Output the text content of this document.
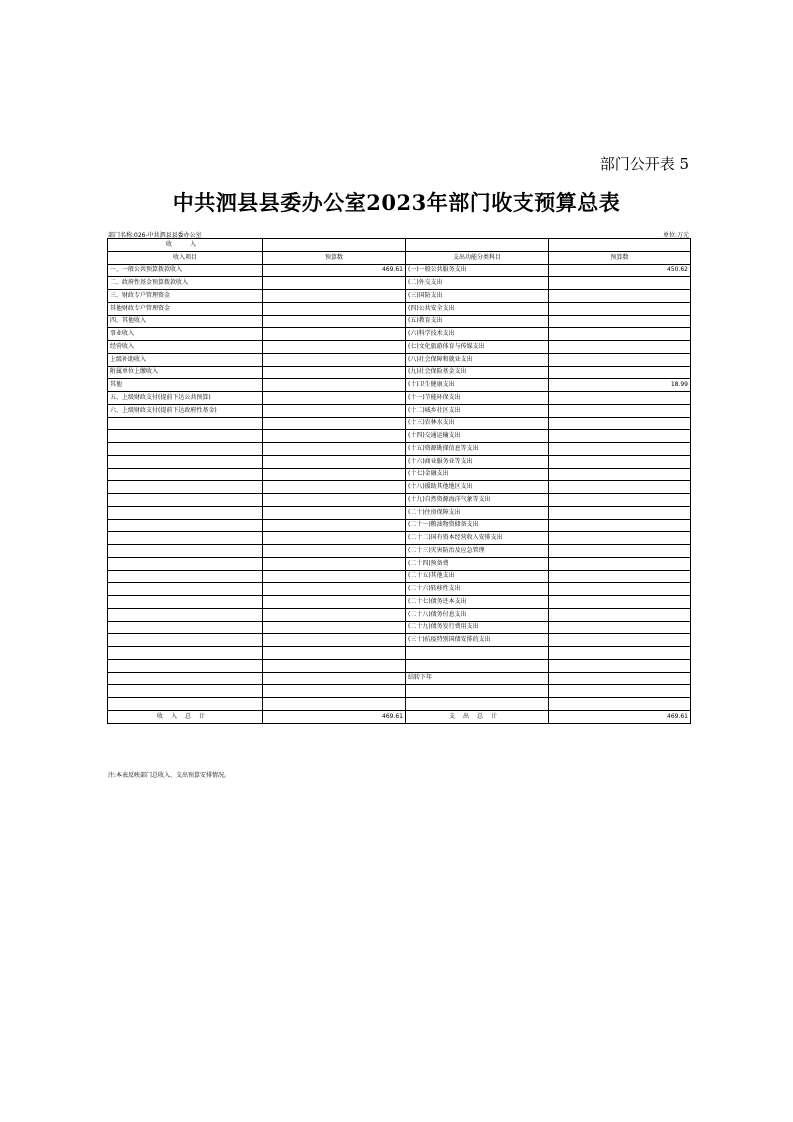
部门公开表 5
中共泗县县委办公室2023年部门收支预算总表
部门名称:026-中共泗县县委办公室	单位:万元
收 入			
收入项目	预算数	支出功能分类科目	预算数
一、一般公共预算拨款收入	469.61	(一)一般公共服务支出	450.62
二、政府性基金预算拨款收入		(二)外交支出	
三、财政专户管理资金		(三)国防支出	
其他财政专户管理资金		(四)公共安全支出	
四、其他收入		(五)教育支出	
事业收入		(六)科学技术支出	
经营收入		(七)文化旅游体育与传媒支出	
上级补助收入		(八)社会保障和就业支出	
附属单位上缴收入		(九)社会保险基金支出	
其他		(十)卫生健康支出	18.99
五、上级财政支付(提前下达公共预算)		(十一)节能环保支出	
六、上级财政支付(提前下达政府性基金)		(十二)城乡社区支出	
		(十三)农林水支出	
		(十四)交通运输支出	
		(十五)资源勘探信息等支出	
		(十六)商业服务业等支出	
		(十七)金融支出	
		(十八)援助其他地区支出	
		(十九)自然资源海洋气象等支出	
		(二十)住房保障支出	
		(二十一)粮油物资储备支出	
		(二十二)国有资本经营收入安排支出	
		(二十三)灾害防治及应急管理	
		(二十四)预备费	
		(二十五)其他支出	
		(二十六)转移性支出	
		(二十七)债务还本支出	
		(二十八)债务付息支出	
		(二十九)债务发行费用支出	
		(三十)抗疫特别国债安排的支出	

		结转下年	

收入总计	469.61	支出总计	469.61
注:本表反映部门总收入、支出预算安排情况。
